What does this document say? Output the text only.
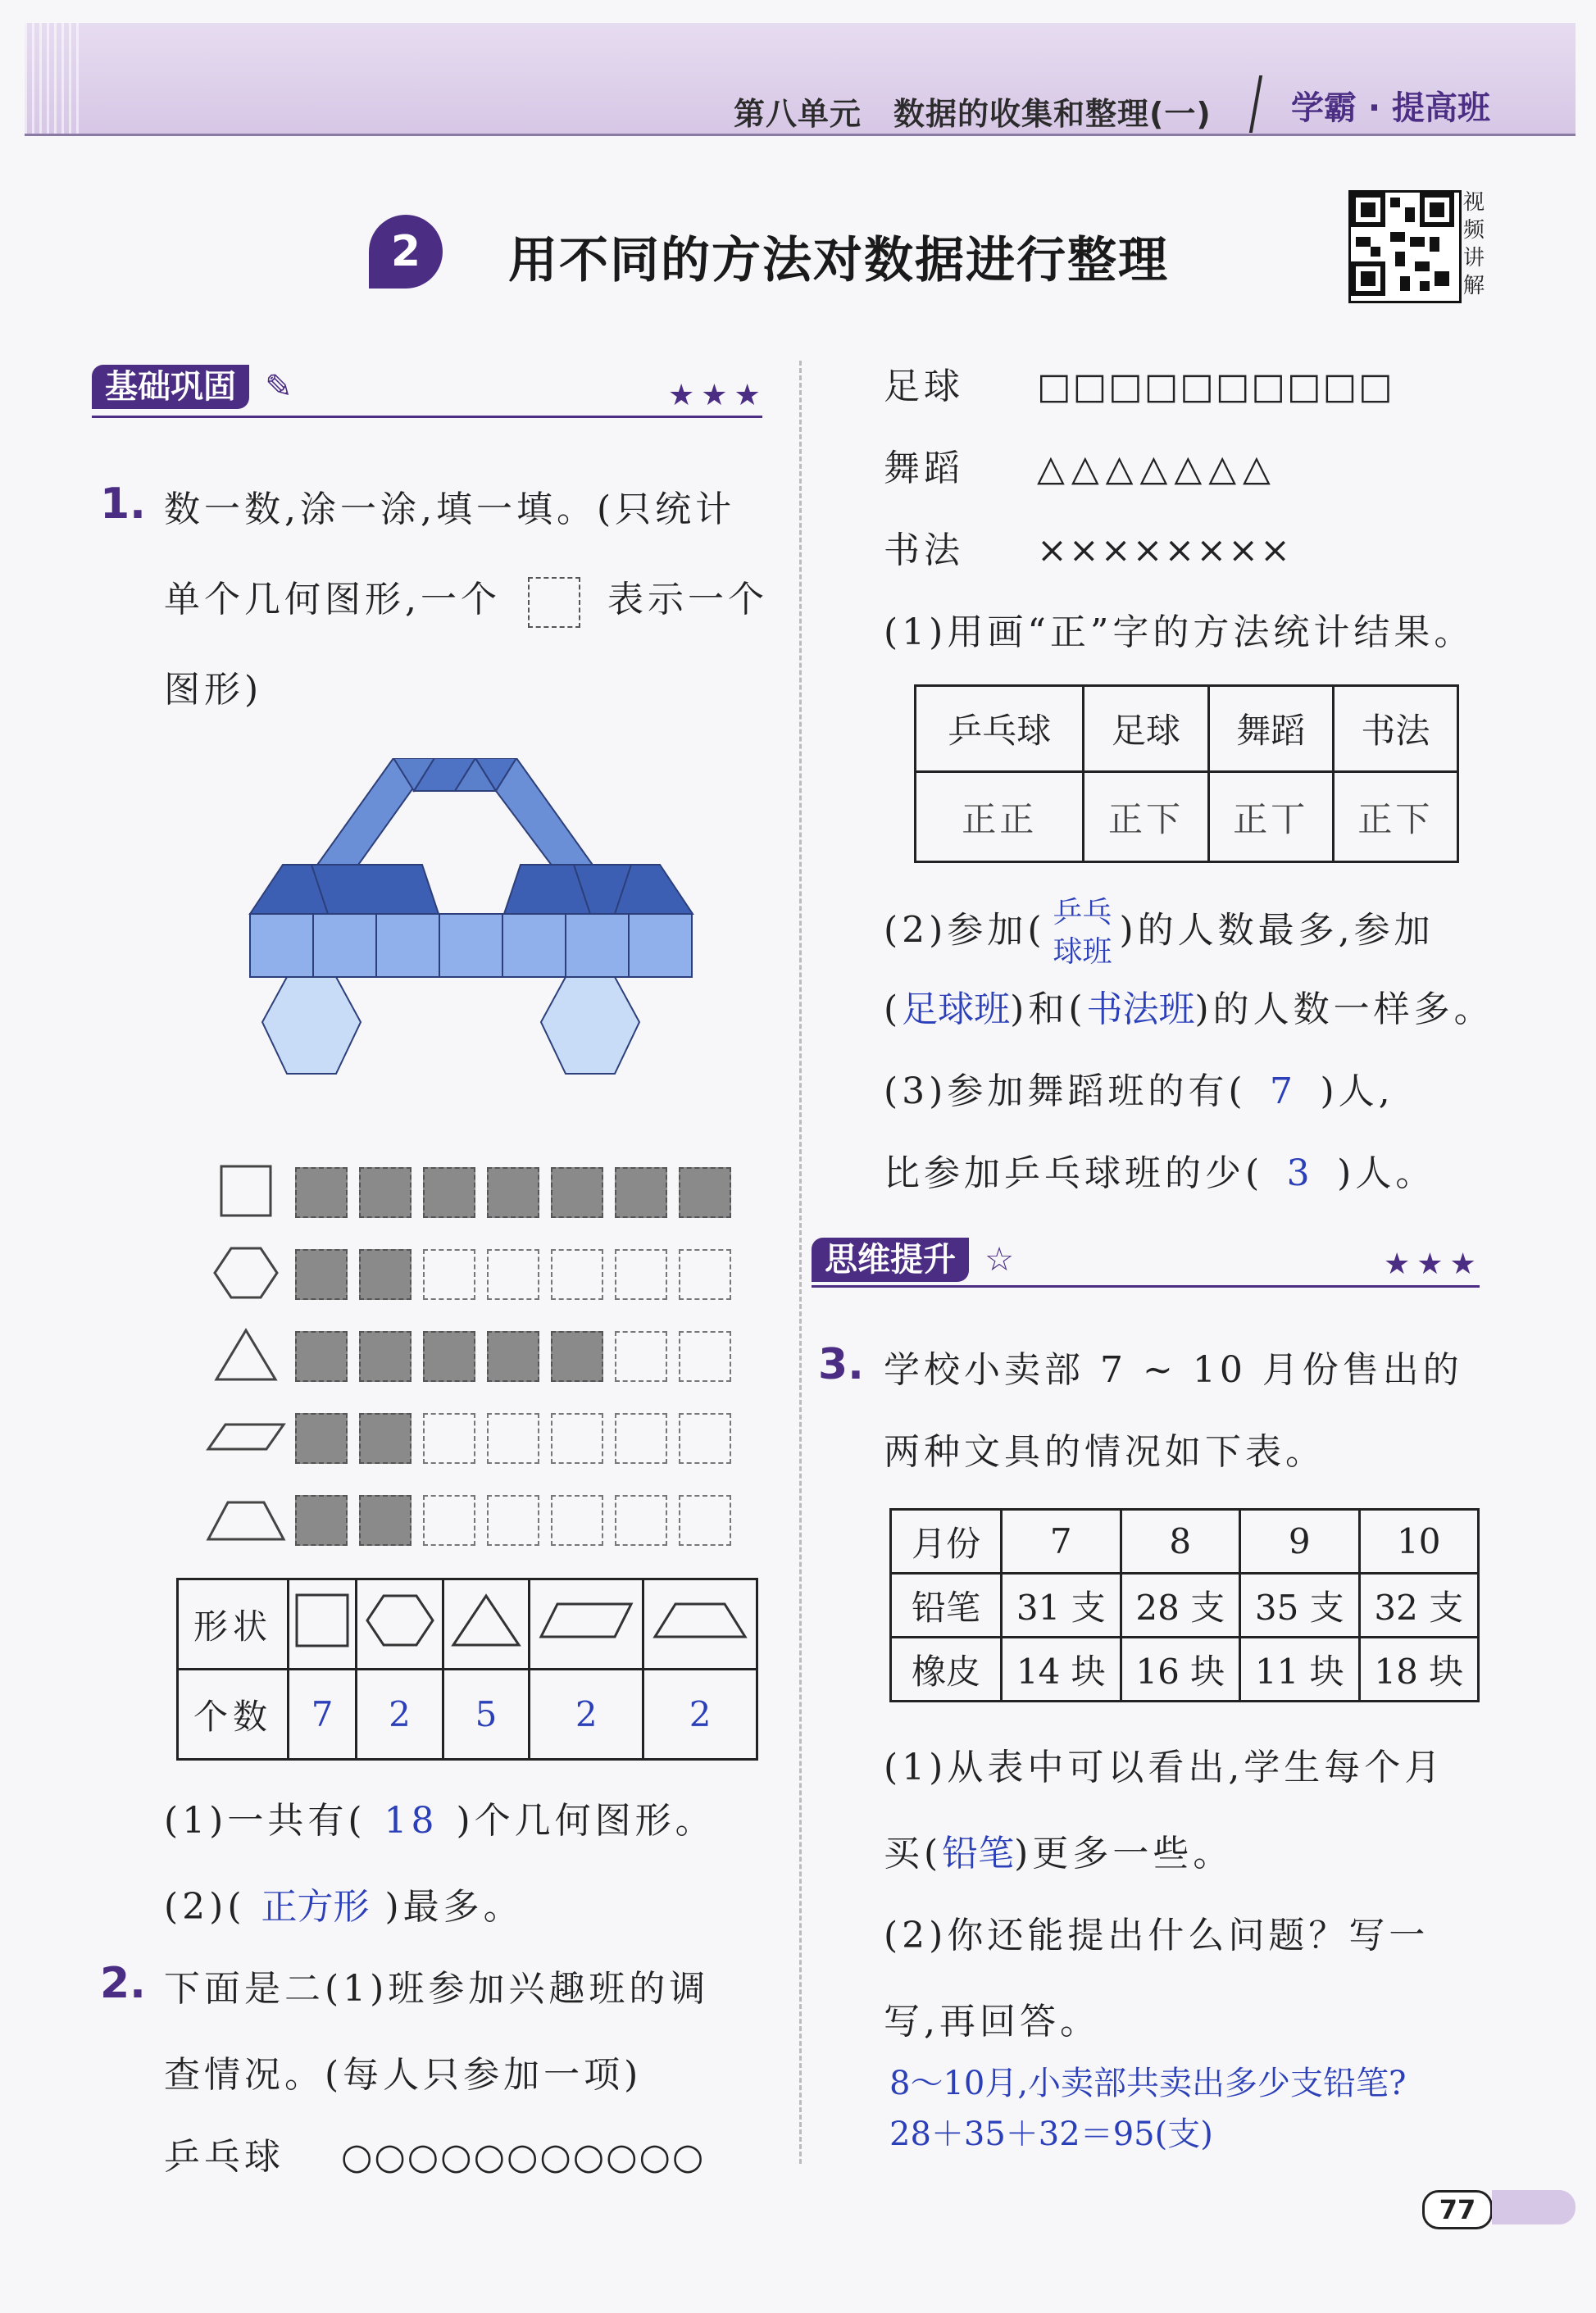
第八单元　数据的收集和整理(一) 学霸 · 提高班
2	用不同的方法对数据进行整理
视
频
讲
解
基础巩固 ✎	★★★
1. 数一数,涂一涂,填一填。(只统计
单个几何图形,一个	表示一个
图形)
形状					
个数	7	2	5	2	2
(1)一共有( 18 )个几何图形。
(2)( 正方形 )最多。
2. 下面是二(1)班参加兴趣班的调
查情况。(每人只参加一项)
乒乓球 ○○○○○○○○○○○
足球 □□□□□□□□□□
舞蹈 △△△△△△△
书法 ××××××××
(1)用画“正”字的方法统计结果。
乒乓球	足球	舞蹈	书法
正正	正下	正丅	正下
(2)参加( 乒乓球班)的人数最多,参加
(足球班)和(书法班)的人数一样多。
(3)参加舞蹈班的有( 7 )人,
比参加乒乓球班的少( 3 )人。
思维提升 ☆	★★★
3. 学校小卖部 7 ~ 10 月份售出的
两种文具的情况如下表。
月份	7	8	9	10
铅笔	31 支	28 支	35 支	32 支
橡皮	14 块	16 块	11 块	18 块
(1)从表中可以看出,学生每个月
买(铅笔)更多一些。
(2)你还能提出什么问题？写一
写,再回答。
8～10月,小卖部共卖出多少支铅笔?
28＋35＋32＝95(支)
77
